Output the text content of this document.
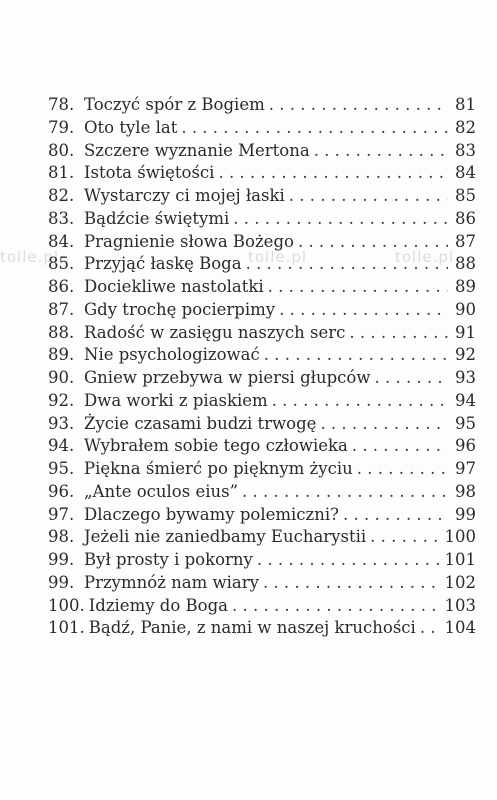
tolle.pl	tolle.pl	tolle.pl
78. Toczyć spór z Bogiem . . .	81
79. Oto tyle lat . . .	82
80. Szczere wyznanie Mertona . . .	83
81. Istota świętości . . .	84
82. Wystarczy ci mojej łaski . . .	85
83. Bądźcie świętymi . . .	86
84. Pragnienie słowa Bożego . . .	87
85. Przyjąć łaskę Boga . . .	88
86. Dociekliwe nastolatki . . .	89
87. Gdy trochę pocierpimy . . .	90
88. Radość w zasięgu naszych serc . . .	91
89. Nie psychologizować . . .	92
90. Gniew przebywa w piersi głupców . . .	93
92. Dwa worki z piaskiem . . .	94
93. Życie czasami budzi trwogę . . .	95
94. Wybrałem sobie tego człowieka . . .	96
95. Piękna śmierć po pięknym życiu . . .	97
96. „Ante oculos eius” . . .	98
97. Dlaczego bywamy polemiczni? . . .	99
98. Jeżeli nie zaniedbamy Eucharystii . . .	100
99. Był prosty i pokorny . . .	101
99. Przymnóż nam wiary . . .	102
100. Idziemy do Boga . . .	103
101. Bądź, Panie, z nami w naszej kruchości . . . 104
